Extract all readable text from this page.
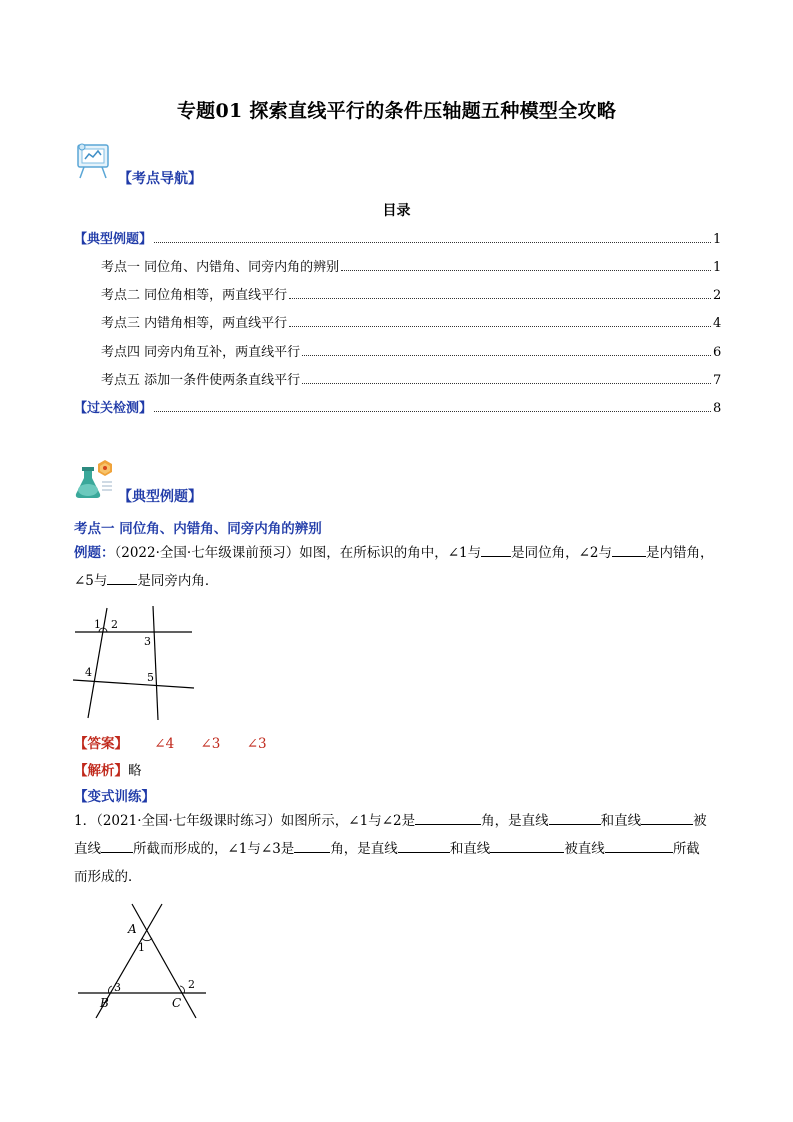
专题01 探索直线平行的条件压轴题五种模型全攻略
【考点导航】
目录
【典型例题】	1
考点一 同位角、内错角、同旁内角的辨别	1
考点二 同位角相等，两直线平行	2
考点三 内错角相等，两直线平行	4
考点四 同旁内角互补，两直线平行	6
考点五 添加一条件使两条直线平行	7
【过关检测】	8
【典型例题】
考点一 同位角、内错角、同旁内角的辨别
例题：（2022·全国·七年级课前预习）如图，在所标识的角中，∠1与 是同位角，∠2与	是内错角，
∠5与 是同旁内角．
1 2
3
4	5
【答案】 ∠4 ∠3 ∠3
【解析】略
【变式训练】
1．（2021·全国·七年级课时练习）如图所示，∠1与∠2是	角，是直线	和直线	被
直线 所截而形成的，∠1与∠3是	角，是直线	和直线	被直线	所截
而形成的．
A
1
2
3
B	C
